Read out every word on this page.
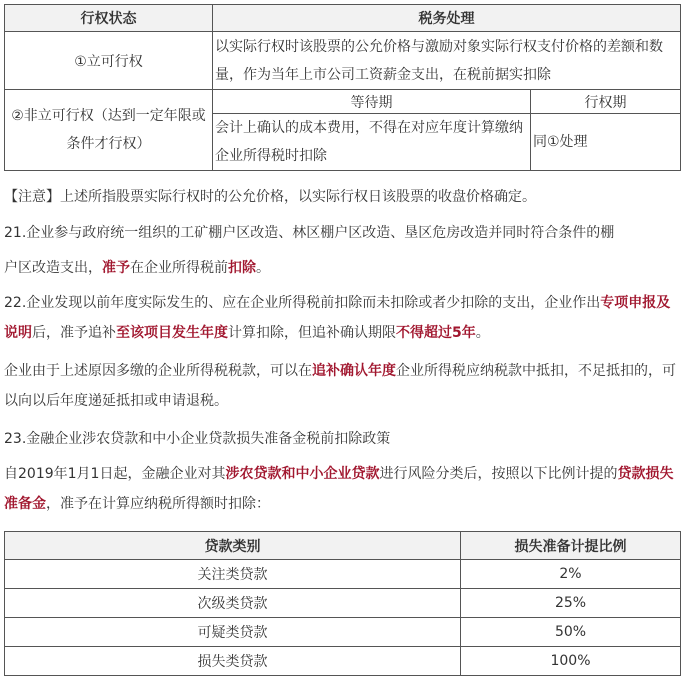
行权状态	税务处理	
①立可行权	以实际行权时该股票的公允价格与激励对象实际行权支付价格的差额和数量，作为当年上市公司工资薪金支出，在税前据实扣除	
②非立可行权（达到一定年限或条件才行权）	等待期	行权期
	会计上确认的成本费用，不得在对应年度计算缴纳企业所得税时扣除	同①处理
【注意】上述所指股票实际行权时的公允价格，以实际行权日该股票的收盘价格确定。
21.企业参与政府统一组织的工矿棚户区改造、林区棚户区改造、垦区危房改造并同时符合条件的棚
户区改造支出，准予在企业所得税前扣除。
22.企业发现以前年度实际发生的、应在企业所得税前扣除而未扣除或者少扣除的支出，企业作出专项申报及说明后，准予追补至该项目发生年度计算扣除，但追补确认期限不得超过5年。
企业由于上述原因多缴的企业所得税税款，可以在追补确认年度企业所得税应纳税款中抵扣，不足抵扣的，可以向以后年度递延抵扣或申请退税。
23.金融企业涉农贷款和中小企业贷款损失准备金税前扣除政策
自2019年1月1日起，金融企业对其涉农贷款和中小企业贷款进行风险分类后，按照以下比例计提的贷款损失准备金，准予在计算应纳税所得额时扣除：
贷款类别	损失准备计提比例
关注类贷款	2%
次级类贷款	25%
可疑类贷款	50%
损失类贷款	100%
